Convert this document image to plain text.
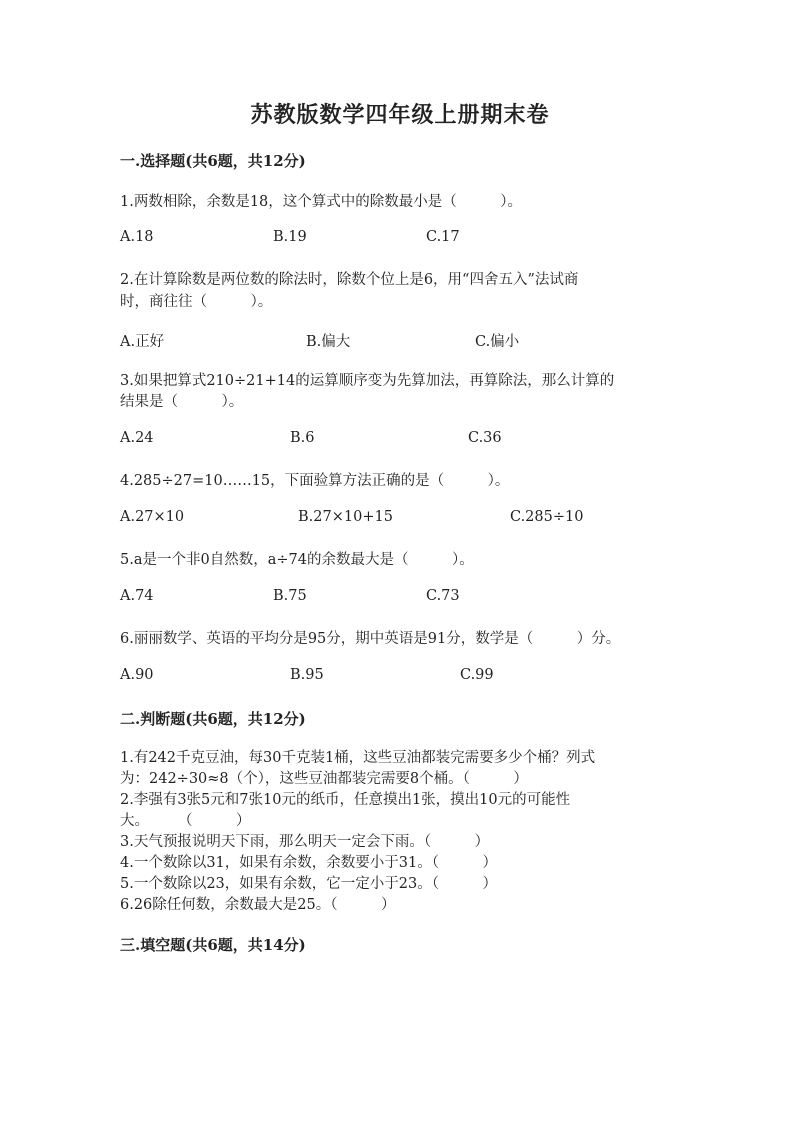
苏教版数学四年级上册期末卷
一.选择题(共6题，共12分)
1.两数相除，余数是18，这个算式中的除数最小是（　　　）。
A.18	B.19	C.17
2.在计算除数是两位数的除法时，除数个位上是6，用“四舍五入”法试商
时，商往往（　　　）。
A.正好	B.偏大	C.偏小
3.如果把算式210÷21+14的运算顺序变为先算加法，再算除法，那么计算的
结果是（　　　）。
A.24	B.6	C.36
4.285÷27=10……15，下面验算方法正确的是（　　　）。
A.27×10	B.27×10+15	C.285÷10
5.a是一个非0自然数，a÷74的余数最大是（　　　）。
A.74	B.75	C.73
6.丽丽数学、英语的平均分是95分，期中英语是91分，数学是（　　　）分。
A.90	B.95	C.99
二.判断题(共6题，共12分)
1.有242千克豆油，每30千克装1桶，这些豆油都装完需要多少个桶？列式
为：242÷30≈8（个），这些豆油都装完需要8个桶。（　　　）
2.李强有3张5元和7张10元的纸币，任意摸出1张，摸出10元的可能性
大。　　　（　　　）
3.天气预报说明天下雨，那么明天一定会下雨。（　　　）
4.一个数除以31，如果有余数，余数要小于31。（　　　）
5.一个数除以23，如果有余数，它一定小于23。（　　　）
6.26除任何数，余数最大是25。（　　　）
三.填空题(共6题，共14分)
